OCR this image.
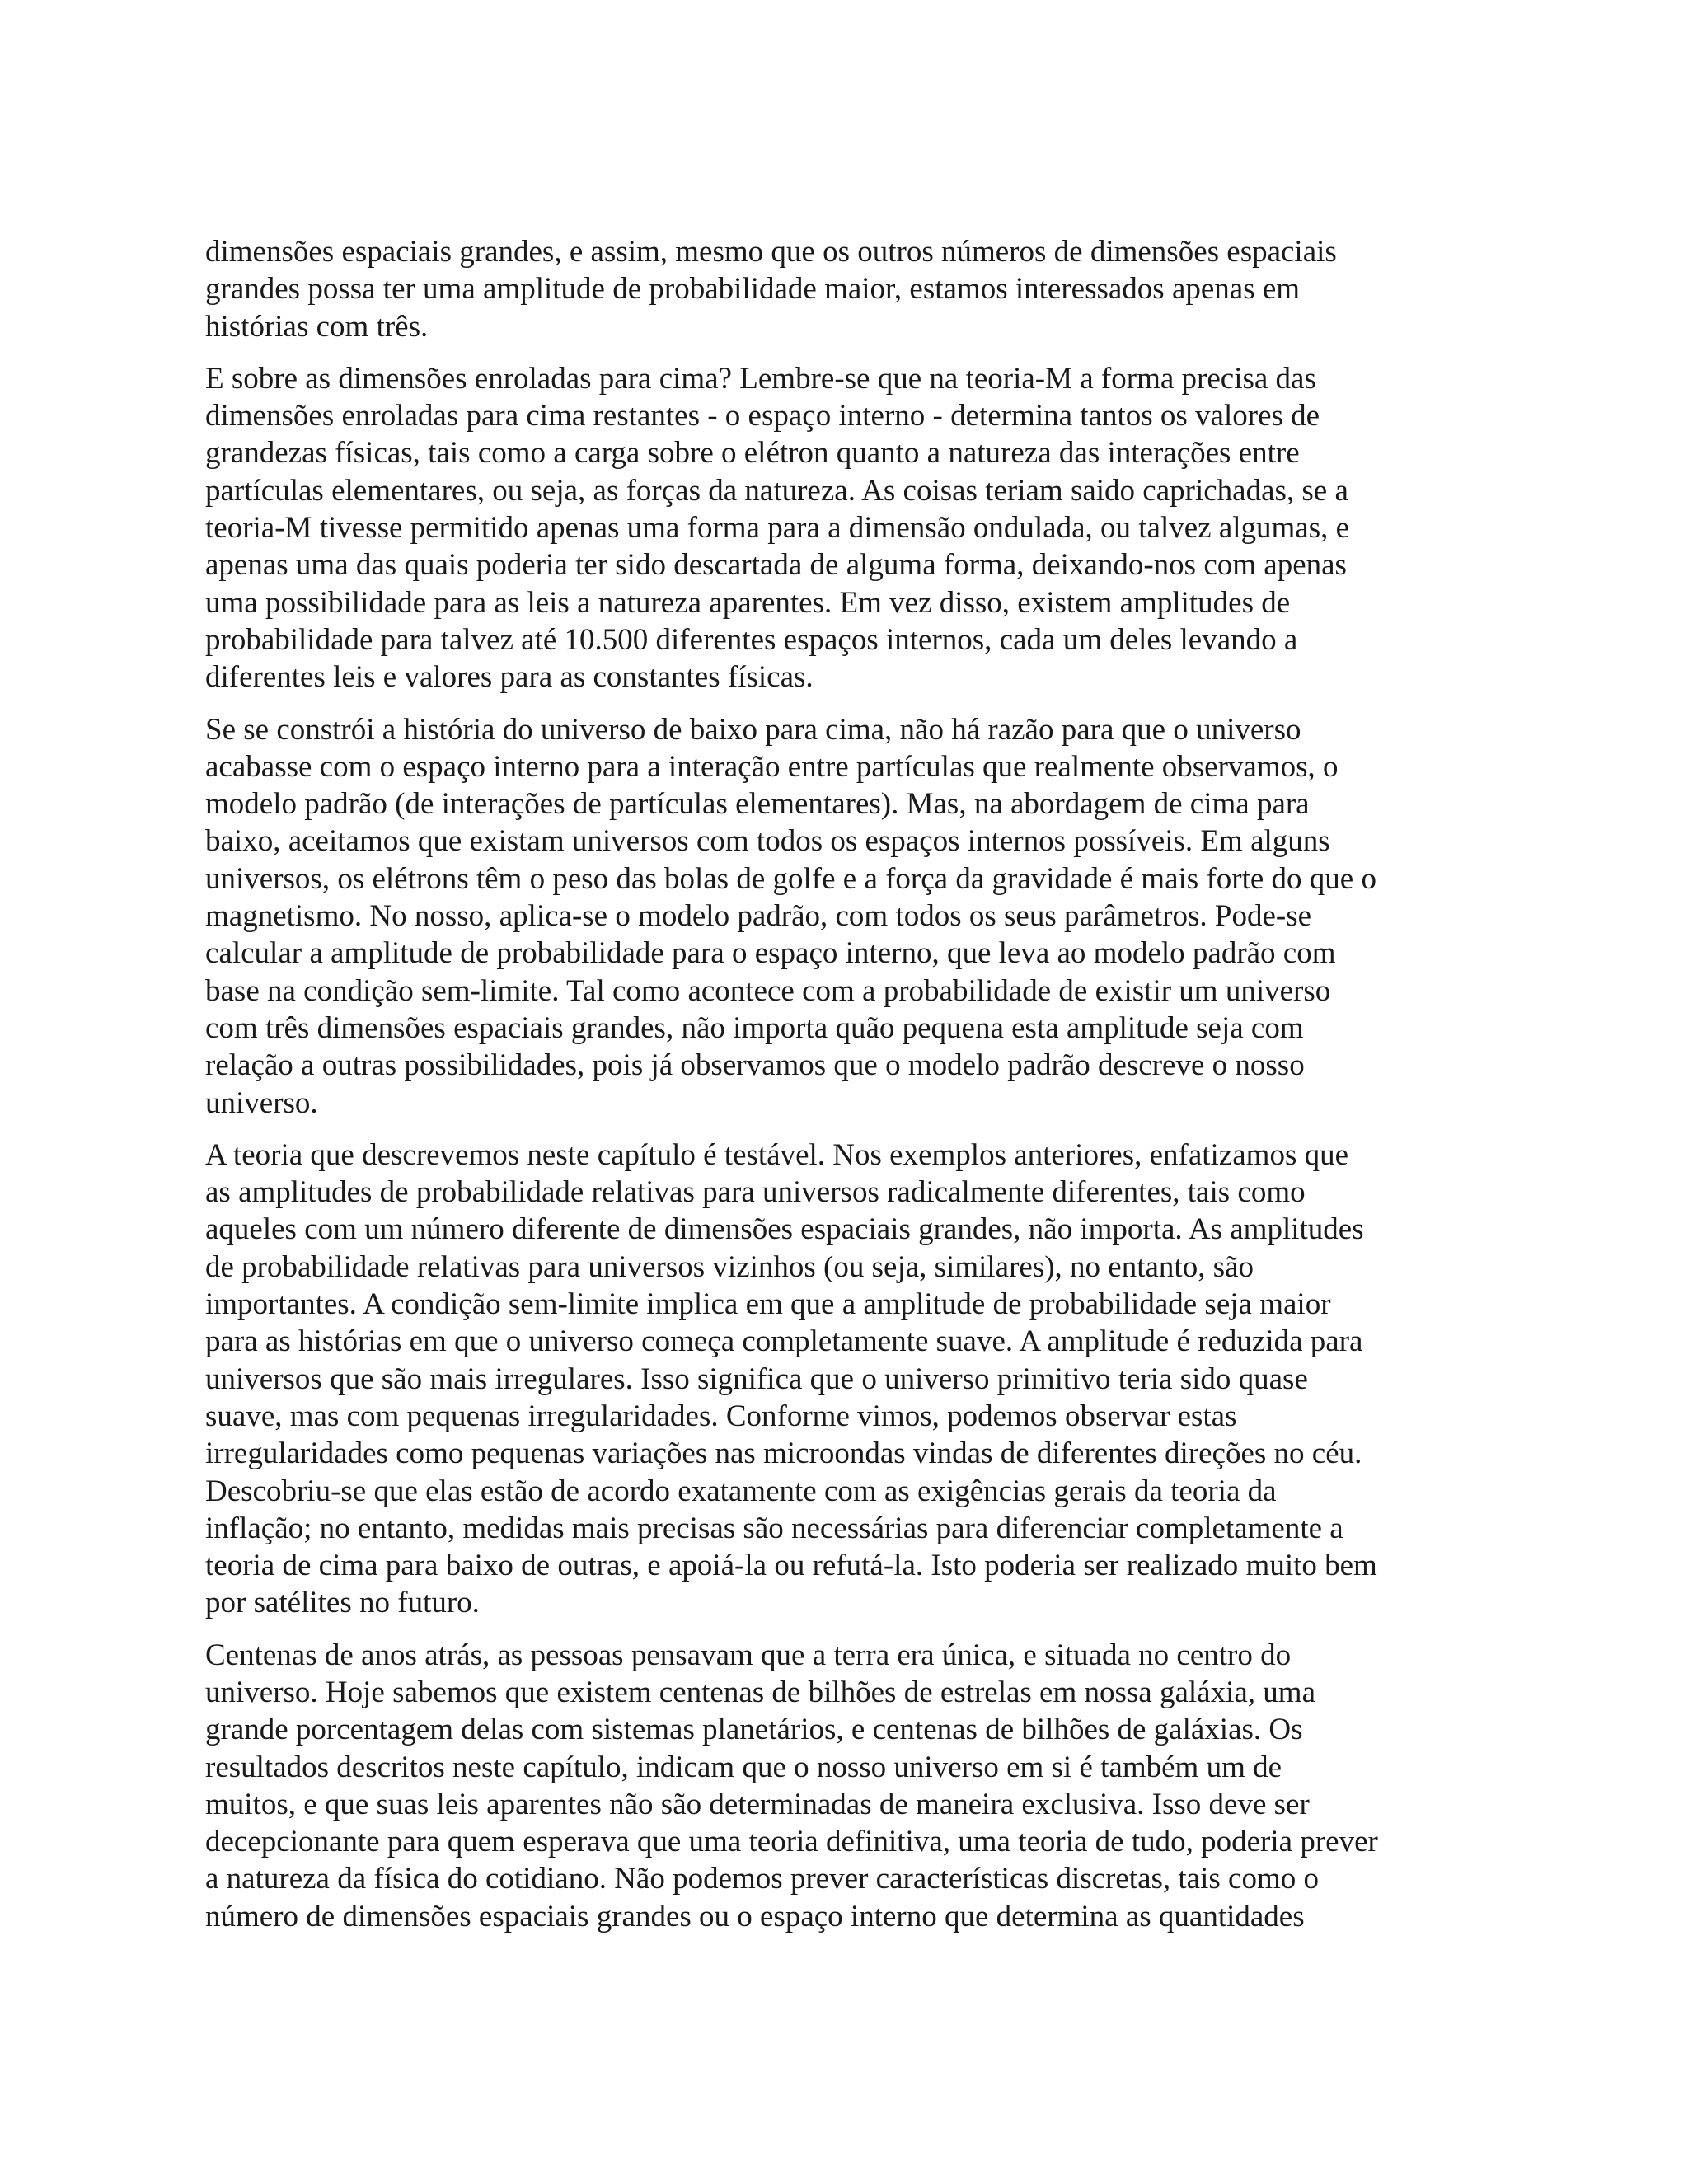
dimensões espaciais grandes, e assim, mesmo que os outros números de dimensões espaciais
grandes possa ter uma amplitude de probabilidade maior, estamos interessados apenas em
histórias com três.
E sobre as dimensões enroladas para cima? Lembre-se que na teoria-M a forma precisa das
dimensões enroladas para cima restantes - o espaço interno - determina tantos os valores de
grandezas físicas, tais como a carga sobre o elétron quanto a natureza das interações entre
partículas elementares, ou seja, as forças da natureza. As coisas teriam saido caprichadas, se a
teoria-M tivesse permitido apenas uma forma para a dimensão ondulada, ou talvez algumas, e
apenas uma das quais poderia ter sido descartada de alguma forma, deixando-nos com apenas
uma possibilidade para as leis a natureza aparentes. Em vez disso, existem amplitudes de
probabilidade para talvez até 10.500 diferentes espaços internos, cada um deles levando a
diferentes leis e valores para as constantes físicas.
Se se constrói a história do universo de baixo para cima, não há razão para que o universo
acabasse com o espaço interno para a interação entre partículas que realmente observamos, o
modelo padrão (de interações de partículas elementares). Mas, na abordagem de cima para
baixo, aceitamos que existam universos com todos os espaços internos possíveis. Em alguns
universos, os elétrons têm o peso das bolas de golfe e a força da gravidade é mais forte do que o
magnetismo. No nosso, aplica-se o modelo padrão, com todos os seus parâmetros. Pode-se
calcular a amplitude de probabilidade para o espaço interno, que leva ao modelo padrão com
base na condição sem-limite. Tal como acontece com a probabilidade de existir um universo
com três dimensões espaciais grandes, não importa quão pequena esta amplitude seja com
relação a outras possibilidades, pois já observamos que o modelo padrão descreve o nosso
universo.
A teoria que descrevemos neste capítulo é testável. Nos exemplos anteriores, enfatizamos que
as amplitudes de probabilidade relativas para universos radicalmente diferentes, tais como
aqueles com um número diferente de dimensões espaciais grandes, não importa. As amplitudes
de probabilidade relativas para universos vizinhos (ou seja, similares), no entanto, são
importantes. A condição sem-limite implica em que a amplitude de probabilidade seja maior
para as histórias em que o universo começa completamente suave. A amplitude é reduzida para
universos que são mais irregulares. Isso significa que o universo primitivo teria sido quase
suave, mas com pequenas irregularidades. Conforme vimos, podemos observar estas
irregularidades como pequenas variações nas microondas vindas de diferentes direções no céu.
Descobriu-se que elas estão de acordo exatamente com as exigências gerais da teoria da
inflação; no entanto, medidas mais precisas são necessárias para diferenciar completamente a
teoria de cima para baixo de outras, e apoiá-la ou refutá-la. Isto poderia ser realizado muito bem
por satélites no futuro.
Centenas de anos atrás, as pessoas pensavam que a terra era única, e situada no centro do
universo. Hoje sabemos que existem centenas de bilhões de estrelas em nossa galáxia, uma
grande porcentagem delas com sistemas planetários, e centenas de bilhões de galáxias. Os
resultados descritos neste capítulo, indicam que o nosso universo em si é também um de
muitos, e que suas leis aparentes não são determinadas de maneira exclusiva. Isso deve ser
decepcionante para quem esperava que uma teoria definitiva, uma teoria de tudo, poderia prever
a natureza da física do cotidiano. Não podemos prever características discretas, tais como o
número de dimensões espaciais grandes ou o espaço interno que determina as quantidades
